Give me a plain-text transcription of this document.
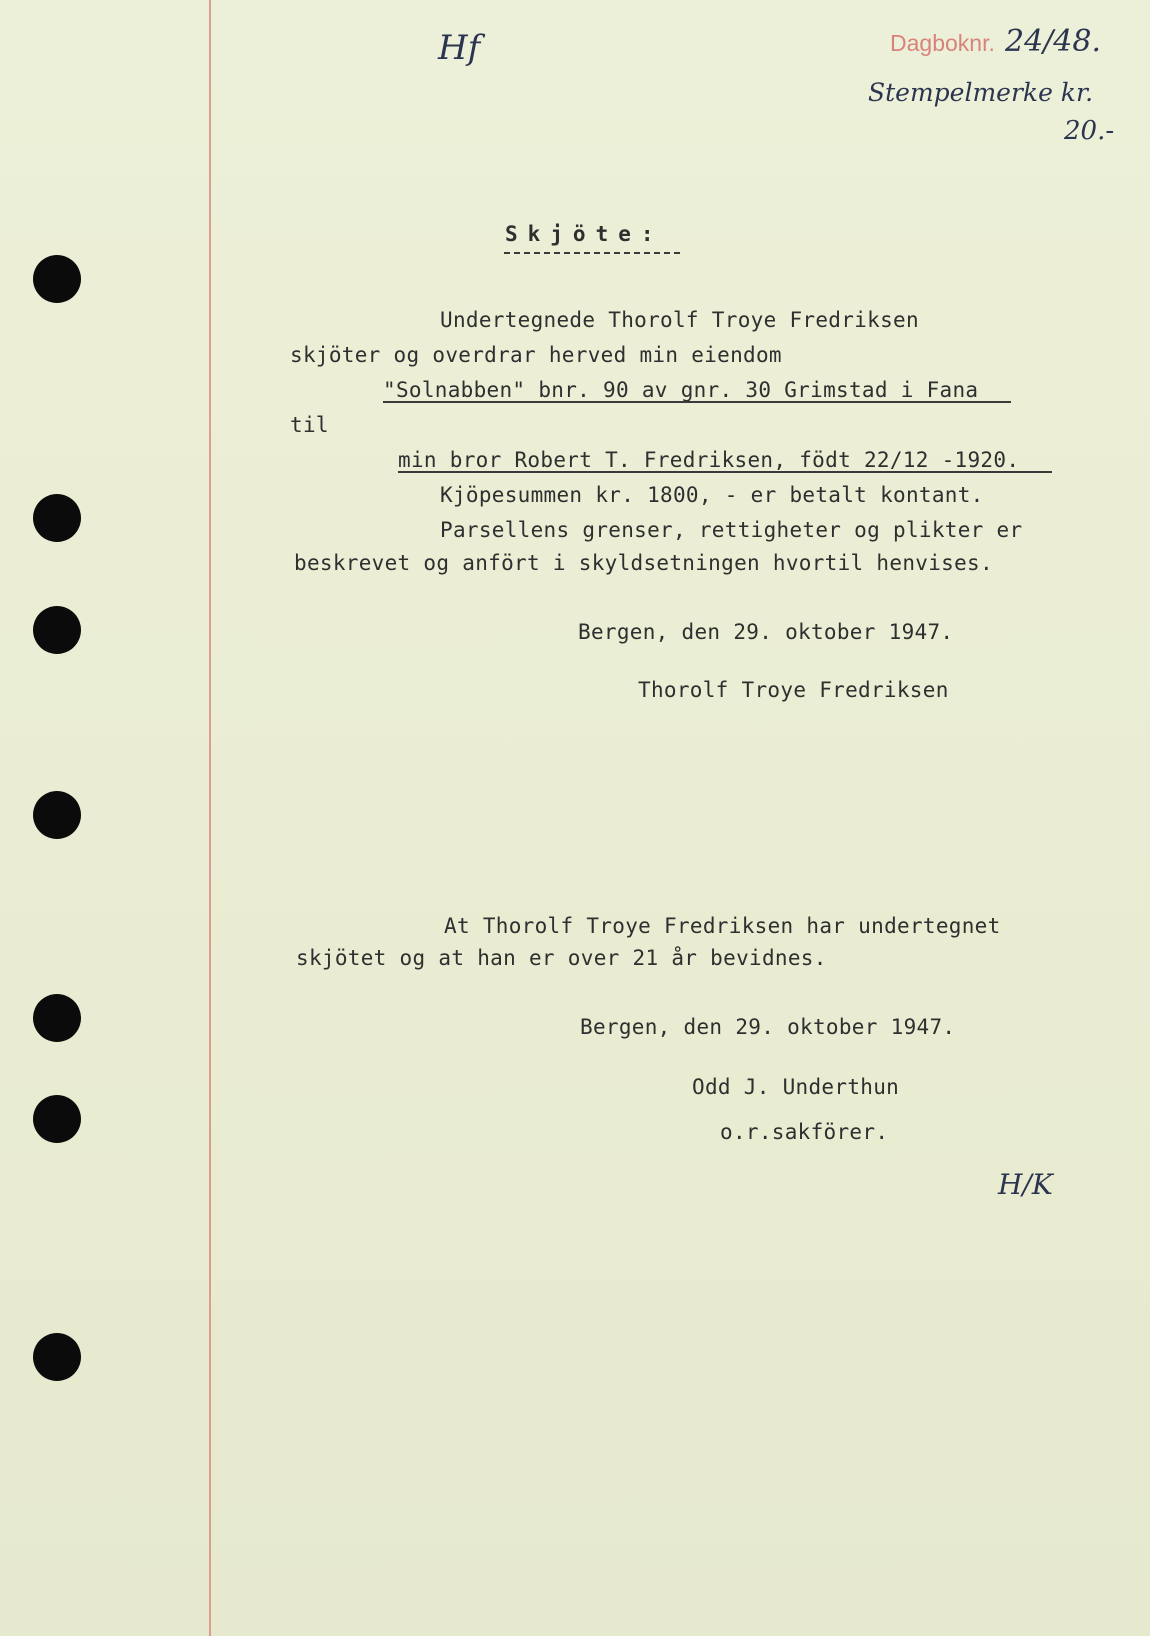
Dagboknr. 24/48.
Stempelmerke kr.
20.-
Hf
Skjöte:
Undertegnede Thorolf Troye Fredriksen
skjöter og overdrar herved min eiendom
"Solnabben" bnr. 90 av gnr. 30 Grimstad i Fana
til
min bror Robert T. Fredriksen, födt 22/12 -1920.
Kjöpesummen kr. 1800, - er betalt kontant.
Parsellens grenser, rettigheter og plikter er
beskrevet og anfört i skyldsetningen hvortil henvises.
Bergen, den 29. oktober 1947.
Thorolf Troye Fredriksen
At Thorolf Troye Fredriksen har undertegnet
skjötet og at han er over 21 år bevidnes.
Bergen, den 29. oktober 1947.
Odd J. Underthun
o.r.sakförer.
H/K
